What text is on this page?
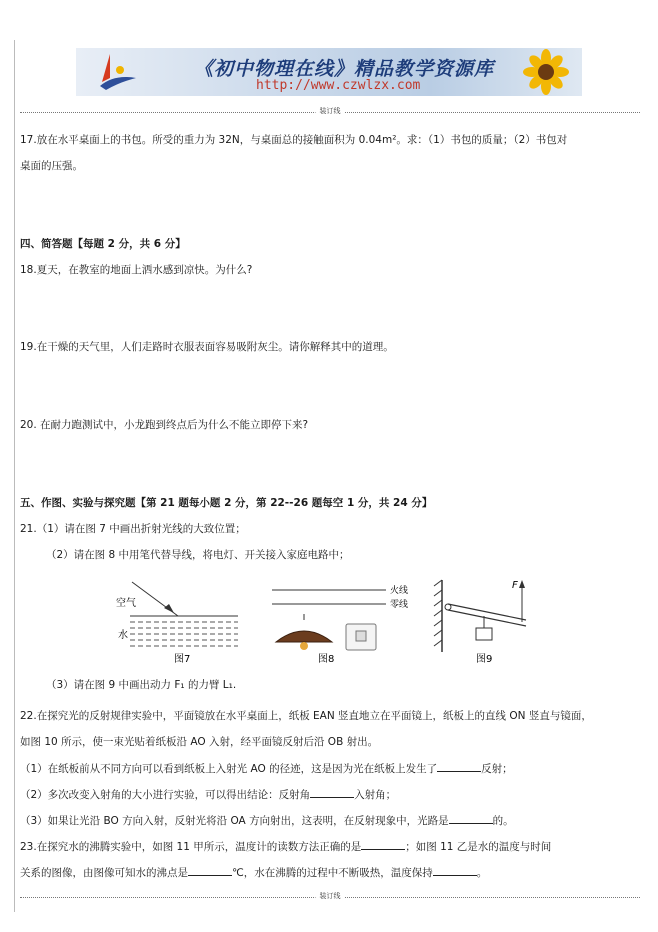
《初中物理在线》精品教学资源库
http://www.czwlzx.com
装订线
17.放在水平桌面上的书包。所受的重力为 32N，与桌面总的接触面积为 0.04m²。求：（1）书包的质量；（2）书包对
桌面的压强。
四、简答题【每题 2 分，共 6 分】
18.夏天，在教室的地面上洒水感到凉快。为什么?
19.在干燥的天气里，人们走路时衣服表面容易吸附灰尘。请你解释其中的道理。
20. 在耐力跑测试中，小龙跑到终点后为什么不能立即停下来?
五、作图、实验与探究题【第 21 题每小题 2 分，第 22--26 题每空 1 分，共 24 分】
21.（1）请在图 7 中画出折射光线的大致位置；
（2）请在图 8 中用笔代替导线，将电灯、开关接入家庭电路中；
空气
水
图7
火线
零线
图8
F
图9
（3）请在图 9 中画出动力 F₁ 的力臂 L₁.
22.在探究光的反射规律实验中，平面镜放在水平桌面上，纸板 EAN 竖直地立在平面镜上，纸板上的直线 ON 竖直与镜面，
如图 10 所示，使一束光贴着纸板沿 AO 入射，经平面镜反射后沿 OB 射出。
（1）在纸板前从不同方向可以看到纸板上入射光 AO 的径迹，这是因为光在纸板上发生了	反射；
（2）多次改变入射角的大小进行实验，可以得出结论：反射角	入射角；
（3）如果让光沿 BO 方向入射，反射光将沿 OA 方向射出，这表明，在反射现象中，光路是	的。
23.在探究水的沸腾实验中，如图 11 甲所示，温度计的读数方法正确的是	；如图 11 乙是水的温度与时间
关系的图像，由图像可知水的沸点是	℃，水在沸腾的过程中不断吸热，温度保持	。
装订线
